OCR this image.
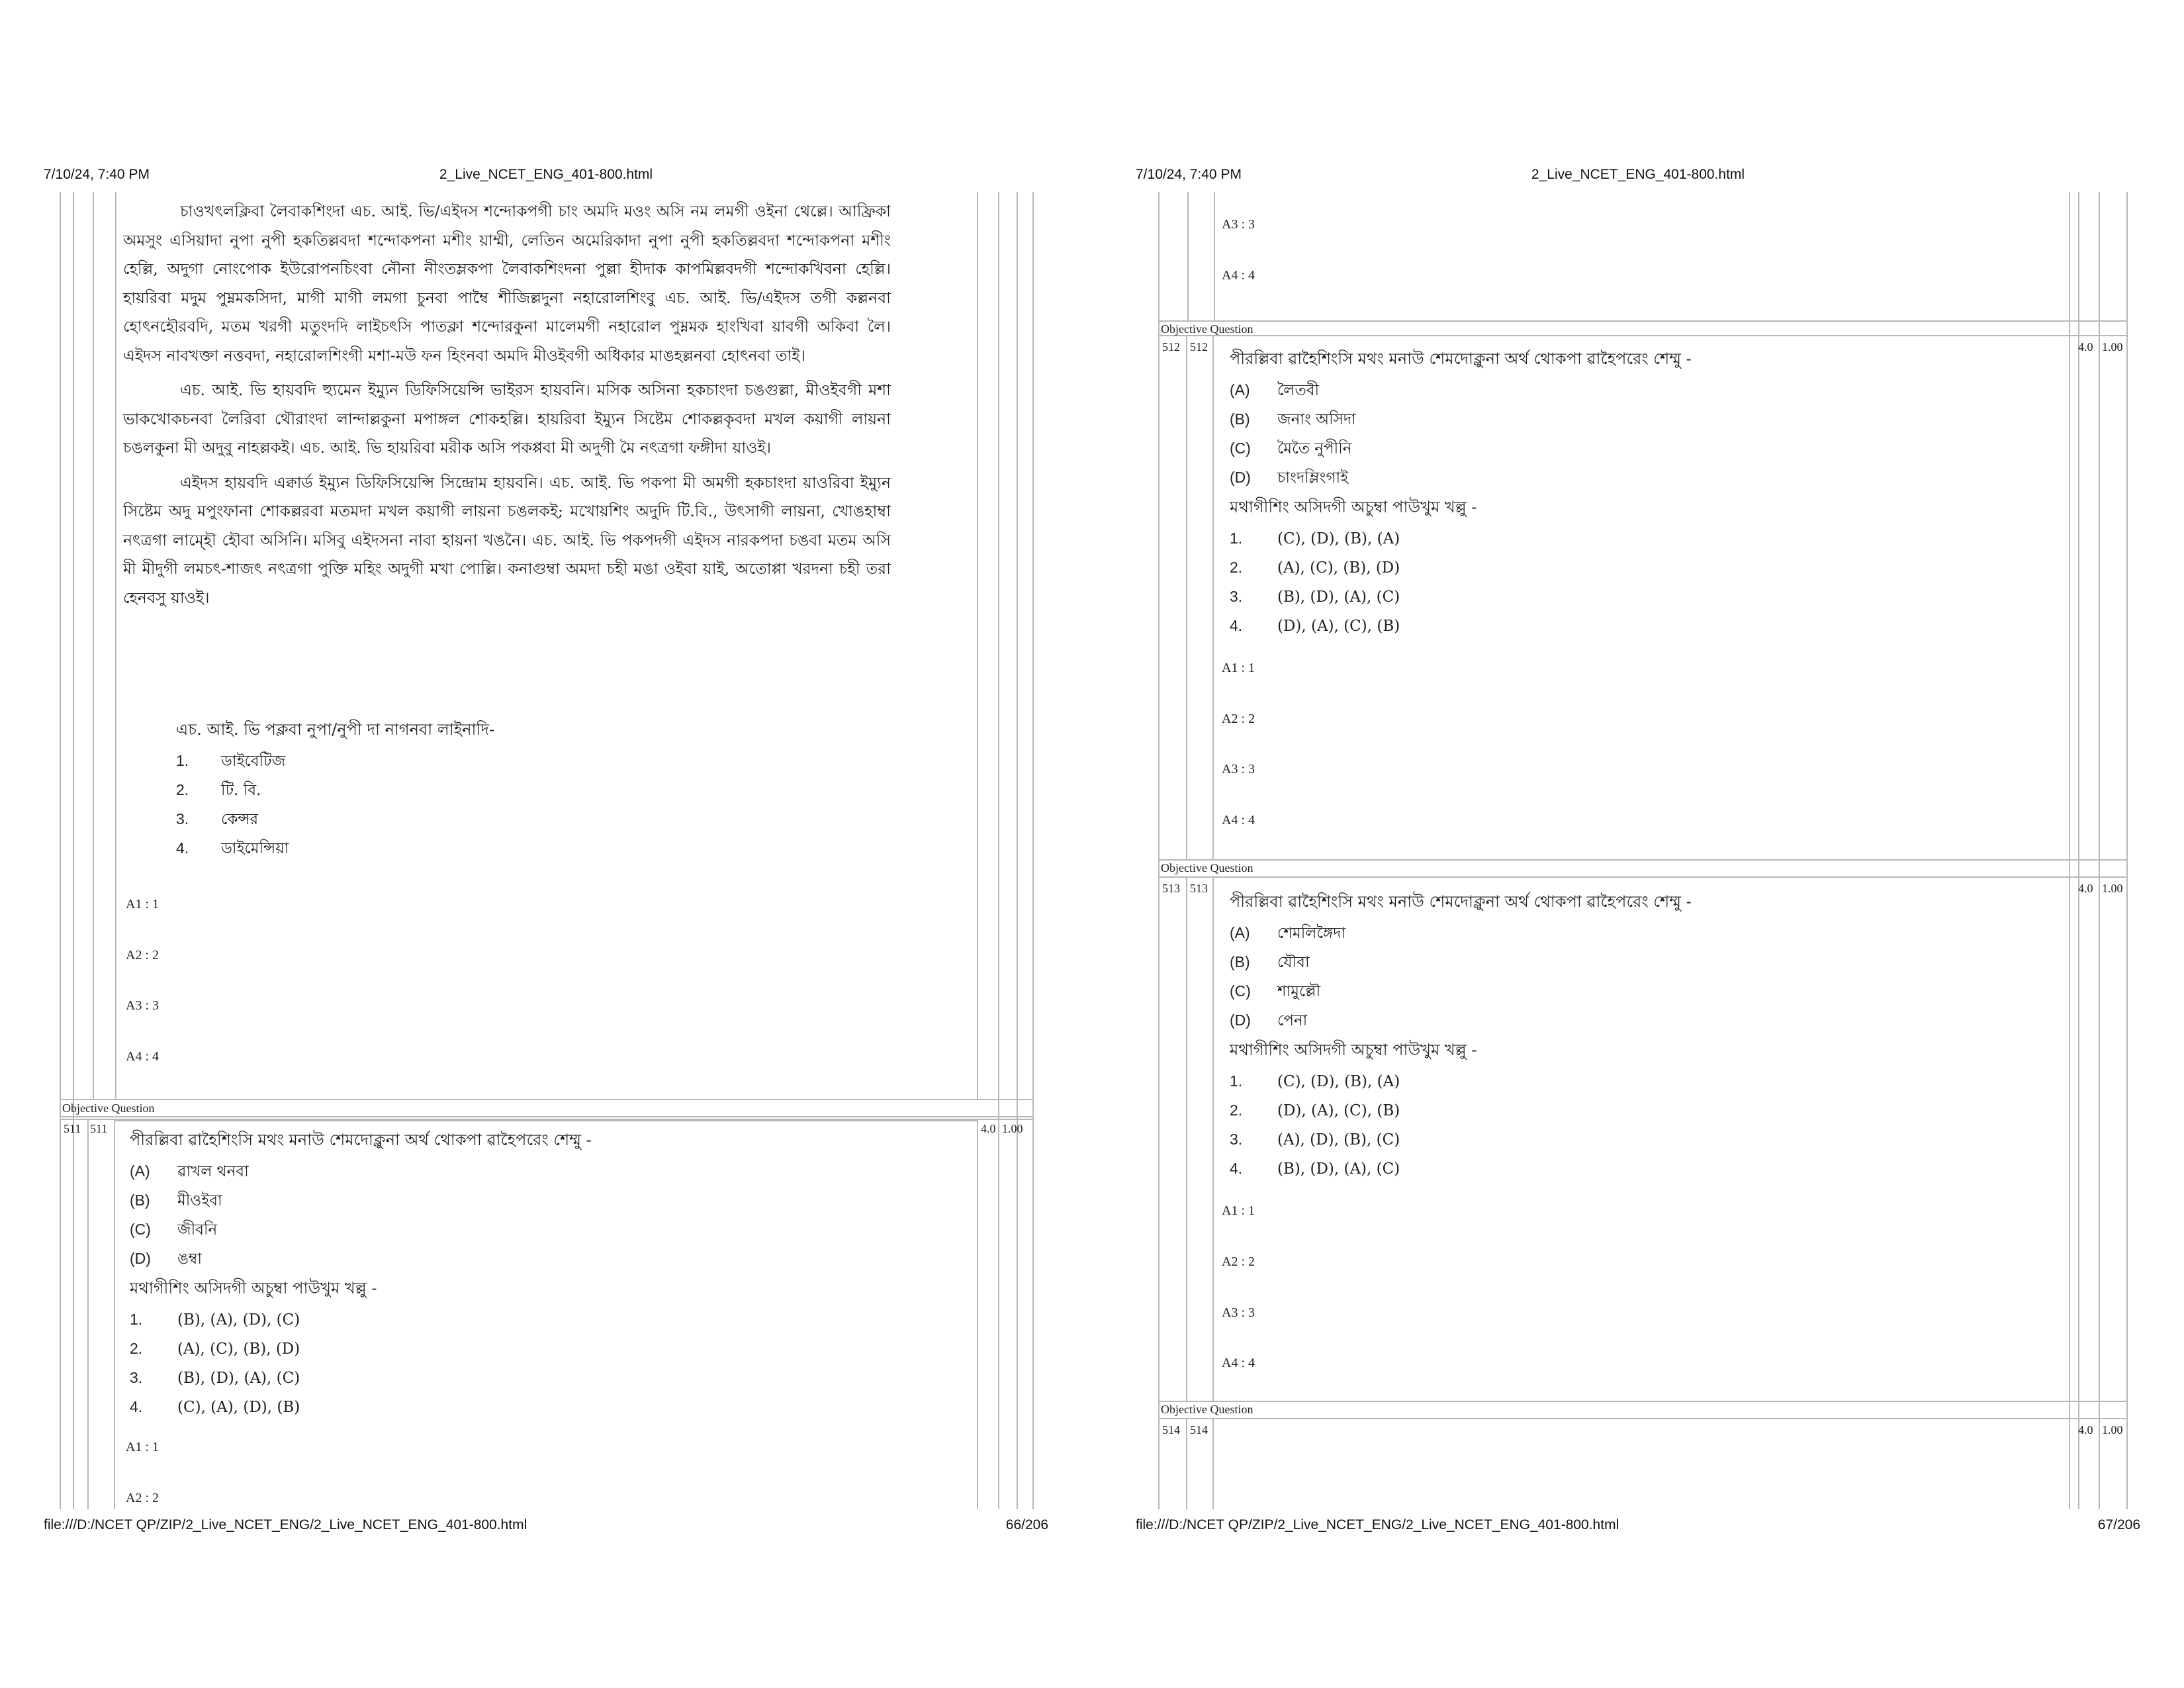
7/10/24, 7:40 PM	2_Live_NCET_ENG_401-800.html

চাওখৎলক্লিবা লৈবাকশিংদা এচ. আই. ভি/এইদস শন্দোকপগী চাং অমদি মওং অসি নম লমগী ওইনা থেল্লে। আফ্রিকা অমসুং এসিয়াদা নুপা নুপী হকতিল্লবদা শন্দোকপনা মশীং য়াম্মী, লেতিন অমেরিকাদা নুপা নুপী হকতিল্লবদা শন্দোকপনা মশীং হেল্লি, অদুগা নোংপোক ইউরোপনচিংবা নৌনা নীংতম্লকপা লৈবাকশিংদনা পুল্লা হীদাক কাপমিল্লবদগী শন্দোকখিবনা হেল্লি। হায়রিবা মদুম পুম্নমকসিদা, মাগী মাগী লমগা চুনবা পাম্বৈ শীজিল্লদুনা নহারোলশিংবু এচ. আই. ভি/এইদস তগী কল্লনবা হোৎনহৌরবদি, মতম খরগী মতুংদদি লাইচৎসি পাতক্লা শন্দোরকুনা মালেমগী নহারোল পুম্নমক হাংখিবা য়াবগী অকিবা লৈ। এইদস নাবখক্তা নত্তবদা, নহারোলশিংগী মশা-মউ ফন হিংনবা অমদি মীওইবগী অধিকার মাঙহল্লনবা হোৎনবা তাই।

এচ. আই. ভি হায়বদি হ্যুমেন ইম্যুন ডিফিসিয়েন্সি ভাইরস হায়বনি। মসিক অসিনা হকচাংদা চঙগুল্লা, মীওইবগী মশা ভাকখোকচনবা লৈরিবা থৌরাংদা লান্দাল্লকুনা মপাঙ্গল শোকহল্লি। হায়রিবা ইম্যুন সিষ্টেম শোকল্লকৃবদা মখল কয়াগী লায়না চঙলকুনা মী অদুবু নাহল্লকই। এচ. আই. ভি হায়রিবা মরীক অসি পকপ্পবা মী অদুগী মৈ নৎত্রগা ফঙ্গীদা য়াওই।

এইদস হায়বদি এক্বার্ড ইম্যুন ডিফিসিয়েন্সি সিন্দ্রোম হায়বনি। এচ. আই. ভি পকপা মী অমগী হকচাংদা য়াওরিবা ইম্যুন সিষ্টেম অদু মপুংফানা শোকল্লরবা মতমদা মখল কয়াগী লায়না চঙলকই; মখোয়শিং অদুদি টি.বি., উৎসাগী লায়না, খোঙহাম্বা নৎত্রগা লাম্হৌ হৌবা অসিনি। মসিবু এইদসনা নাবা হায়না খঙনৈ। এচ. আই. ভি পকপদগী এইদস নারকপদা চঙবা মতম অসি মী মীদুগী লমচৎ-শাজৎ নৎত্রগা পুক্তি মহিং অদুগী মখা পোল্লি। কনাগুম্বা অমদা চহী মঙা ওইবা য়াই, অতোপ্পা খরদনা চহী তরা হেনবসু য়াওই।

এচ. আই. ভি পক্লবা নুপা/নুপী দা নাগনবা লাইনাদি-
1. ডাইবেটিজ
2. টি. বি.
3. কেন্সর
4. ডাইমেন্সিয়া
A1 : 1
A2 : 2
A3 : 3
A4 : 4
Objective Question
511 511	4.0 1.00
পীরল্লিবা ৱাহৈশিংসি মথং মনাউ শেমদোক্লুনা অর্থ থোকপা ৱাহৈপরেং শেম্মু -
(A) ৱাখল থনবা
(B) মীওইবা
(C) জীবনি
(D) ঙম্বা
মথাগীশিং অসিদগী অচুম্বা পাউখুম খল্লু -
1. (B), (A), (D), (C)
2. (A), (C), (B), (D)
3. (B), (D), (A), (C)
4. (C), (A), (D), (B)
A1 : 1
A2 : 2
file:///D:/NCET QP/ZIP/2_Live_NCET_ENG/2_Live_NCET_ENG_401-800.html	66/206
7/10/24, 7:40 PM	2_Live_NCET_ENG_401-800.html
A3 : 3
A4 : 4
Objective Question
512 512	4.0 1.00
পীরল্লিবা ৱাহৈশিংসি মথং মনাউ শেমদোক্লুনা অর্থ থোকপা ৱাহৈপরেং শেম্মু -
(A) লৈতবী
(B) জনাং অসিদা
(C) মৈতৈ নুপীনি
(D) চাংদম্লিংগাই
মথাগীশিং অসিদগী অচুম্বা পাউখুম খল্লু -
1. (C), (D), (B), (A)
2. (A), (C), (B), (D)
3. (B), (D), (A), (C)
4. (D), (A), (C), (B)
A1 : 1
A2 : 2
A3 : 3
A4 : 4
Objective Question
513 513	4.0 1.00
পীরল্লিবা ৱাহৈশিংসি মথং মনাউ শেমদোক্লুনা অর্থ থোকপা ৱাহৈপরেং শেম্মু -
(A) শেমলিঙ্গৈদা
(B) যৌবা
(C) শামুল্লৌ
(D) পেনা
মথাগীশিং অসিদগী অচুম্বা পাউখুম খল্লু -
1. (C), (D), (B), (A)
2. (D), (A), (C), (B)
3. (A), (D), (B), (C)
4. (B), (D), (A), (C)
A1 : 1
A2 : 2
A3 : 3
A4 : 4
Objective Question
514 514	4.0 1.00
file:///D:/NCET QP/ZIP/2_Live_NCET_ENG/2_Live_NCET_ENG_401-800.html	67/206
